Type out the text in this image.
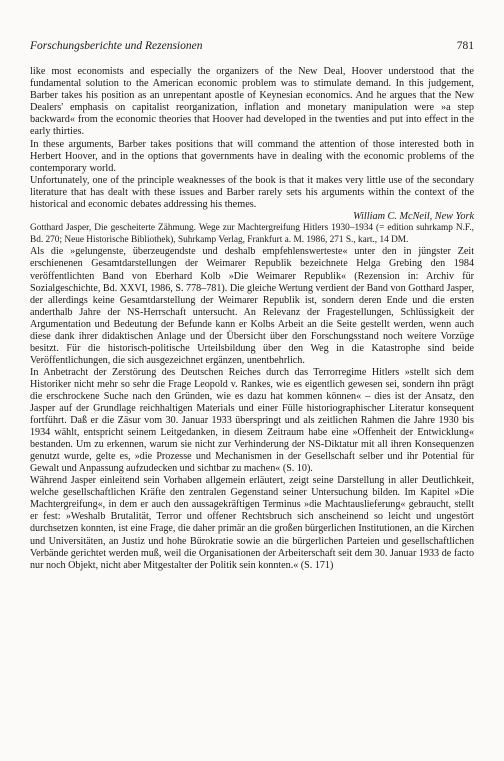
Forschungsberichte und Rezensionen	781

like most economists and especially the organizers of the New Deal, Hoover understood that the fundamental solution to the American economic problem was to stimulate demand. In this judgement, Barber takes his position as an unrepentant apostle of Keynesian economics. And he argues that the New Dealers' emphasis on capitalist reorganization, inflation and monetary manipulation were »a step backward« from the economic theories that Hoover had developed in the twenties and put into effect in the early thirties.

In these arguments, Barber takes positions that will command the attention of those interested both in Herbert Hoover, and in the options that governments have in dealing with the economic problems of the contemporary world.

Unfortunately, one of the principle weaknesses of the book is that it makes very little use of the secondary literature that has dealt with these issues and Barber rarely sets his arguments within the context of the historical and economic debates addressing his themes.

William C. McNeil, New York

Gotthard Jasper, Die gescheiterte Zähmung. Wege zur Machtergreifung Hitlers 1930–1934 (= edition suhrkamp N.F., Bd. 270; Neue Historische Bibliothek), Suhrkamp Verlag, Frankfurt a. M. 1986, 271 S., kart., 14 DM.

Als die »gelungenste, überzeugendste und deshalb empfehlenswerteste« unter den in jüngster Zeit erschienenen Gesamtdarstellungen der Weimarer Republik bezeichnete Helga Grebing den 1984 veröffentlichten Band von Eberhard Kolb »Die Weimarer Republik« (Rezension in: Archiv für Sozialgeschichte, Bd. XXVI, 1986, S. 778–781). Die gleiche Wertung verdient der Band von Gotthard Jasper, der allerdings keine Gesamtdarstellung der Weimarer Republik ist, sondern deren Ende und die ersten anderthalb Jahre der NS-Herrschaft untersucht. An Relevanz der Fragestellungen, Schlüssigkeit der Argumentation und Bedeutung der Befunde kann er Kolbs Arbeit an die Seite gestellt werden, wenn auch diese dank ihrer didaktischen Anlage und der Übersicht über den Forschungsstand noch weitere Vorzüge besitzt. Für die historisch-politische Urteilsbildung über den Weg in die Katastrophe sind beide Veröffentlichungen, die sich ausgezeichnet ergänzen, unentbehrlich.

In Anbetracht der Zerstörung des Deutschen Reiches durch das Terrorregime Hitlers »stellt sich dem Historiker nicht mehr so sehr die Frage Leopold v. Rankes, wie es eigentlich gewesen sei, sondern ihn prägt die erschrockene Suche nach den Gründen, wie es dazu hat kommen können« – dies ist der Ansatz, den Jasper auf der Grundlage reichhaltigen Materials und einer Fülle historiographischer Literatur konsequent fortführt. Daß er die Zäsur vom 30. Januar 1933 überspringt und als zeitlichen Rahmen die Jahre 1930 bis 1934 wählt, entspricht seinem Leitgedanken, in diesem Zeitraum habe eine »Offenheit der Entwicklung« bestanden. Um zu erkennen, warum sie nicht zur Verhinderung der NS-Diktatur mit all ihren Konsequenzen genutzt wurde, gelte es, »die Prozesse und Mechanismen in der Gesellschaft selber und ihr Potential für Gewalt und Anpassung aufzudecken und sichtbar zu machen« (S. 10).

Während Jasper einleitend sein Vorhaben allgemein erläutert, zeigt seine Darstellung in aller Deutlichkeit, welche gesellschaftlichen Kräfte den zentralen Gegenstand seiner Untersuchung bilden. Im Kapitel »Die Machtergreifung«, in dem er auch den aussagekräftigen Terminus »die Machtauslieferung« gebraucht, stellt er fest: »Weshalb Brutalität, Terror und offener Rechtsbruch sich anscheinend so leicht und ungestört durchsetzen konnten, ist eine Frage, die daher primär an die großen bürgerlichen Institutionen, an die Kirchen und Universitäten, an Justiz und hohe Bürokratie sowie an die bürgerlichen Parteien und gesellschaftlichen Verbände gerichtet werden muß, weil die Organisationen der Arbeiterschaft seit dem 30. Januar 1933 de facto nur noch Objekt, nicht aber Mitgestalter der Politik sein konnten.« (S. 171)
